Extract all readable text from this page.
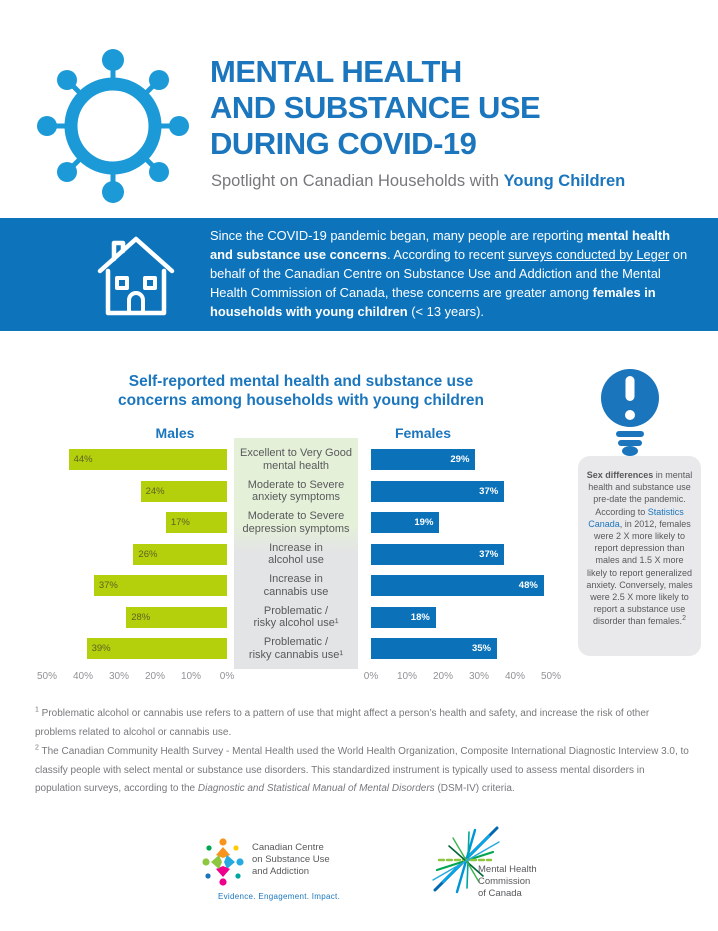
MENTAL HEALTH
AND SUBSTANCE USE
DURING COVID-19
Spotlight on Canadian Households with Young Children

Since the COVID-19 pandemic began, many people are reporting mental health and substance use concerns. According to recent surveys conducted by Leger on behalf of the Canadian Centre on Substance Use and Addiction and the Mental Health Commission of Canada, these concerns are greater among females in households with young children (< 13 years).

Self-reported mental health and substance use
concerns among households with young children
Males	Females
44%
24%
17%
26%
37%
28%
39%
Excellent to Very Good
mental health
Moderate to Severe
anxiety symptoms
Moderate to Severe
depression symptoms
Increase in
alcohol use
Increase in
cannabis use
Problematic /
risky alcohol use¹
Problematic /
risky cannabis use¹
29%
37%
19%
37%
48%
18%
35%
50% 40% 30% 20% 10% 0%	0% 10% 20% 30% 40% 50%
Sex differences in mental health and substance use pre-date the pandemic. According to Statistics Canada, in 2012, females were 2 X more likely to report depression than males and 1.5 X more likely to report generalized anxiety. Conversely, males were 2.5 X more likely to report a substance use disorder than females.$^2$
$^1$ Problematic alcohol or cannabis use refers to a pattern of use that might affect a person’s health and safety, and increase the risk of other problems related to alcohol or cannabis use.
$^2$ The Canadian Community Health Survey - Mental Health used the World Health Organization, Composite International Diagnostic Interview 3.0, to classify people with select mental or substance use disorders. This standardized instrument is typically used to assess mental disorders in population surveys, according to the Diagnostic and Statistical Manual of Mental Disorders (DSM-IV) criteria.
Canadian Centre
on Substance Use
and Addiction
Evidence. Engagement. Impact.
Mental Health
Commission
of Canada
